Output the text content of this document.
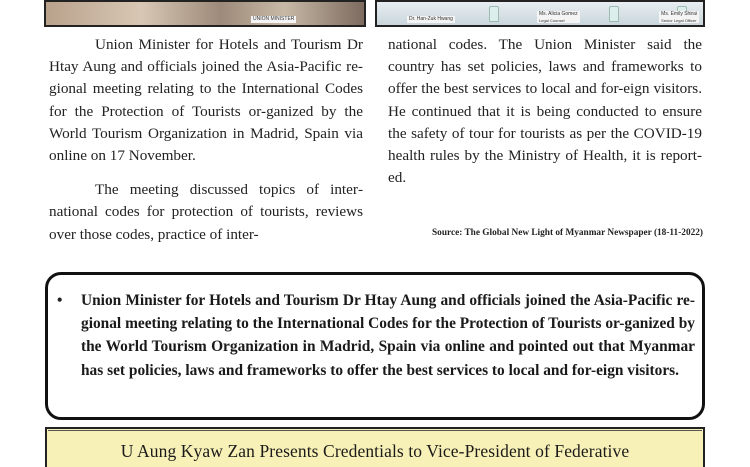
UNION MINISTER	Dr. Han-Zuk Hwang
Ms. Alicia Gomez
Legal Counsel
Ms. Emily Shirai
Senior Legal Officer

Union Minister for Hotels and Tourism Dr Htay Aung and officials joined the Asia-Pacific re-gional meeting relating to the International Codes for the Protection of Tourists or-ganized by the World Tourism Organization in Madrid, Spain via online on 17 November.

The meeting discussed topics of international codes for protection of tourists, reviews over those codes, practice of inter-

national codes. The Union Minister said the country has set policies, laws and frameworks to offer the best services to local and for-eign visitors. He continued that it is being conducted to ensure the safety of tour for tourists as per the COVID-19 health rules by the Ministry of Health, it is reported.

Source: The Global New Light of Myanmar Newspaper (18-11-2022)
• Union Minister for Hotels and Tourism Dr Htay Aung and officials joined the Asia-Pacific re-gional meeting relating to the International Codes for the Protection of Tourists or-ganized by the World Tourism Organization in Madrid, Spain via online and pointed out that Myanmar has set policies, laws and frameworks to offer the best services to local and for-eign visitors.
U Aung Kyaw Zan Presents Credentials to Vice-President of Federative
